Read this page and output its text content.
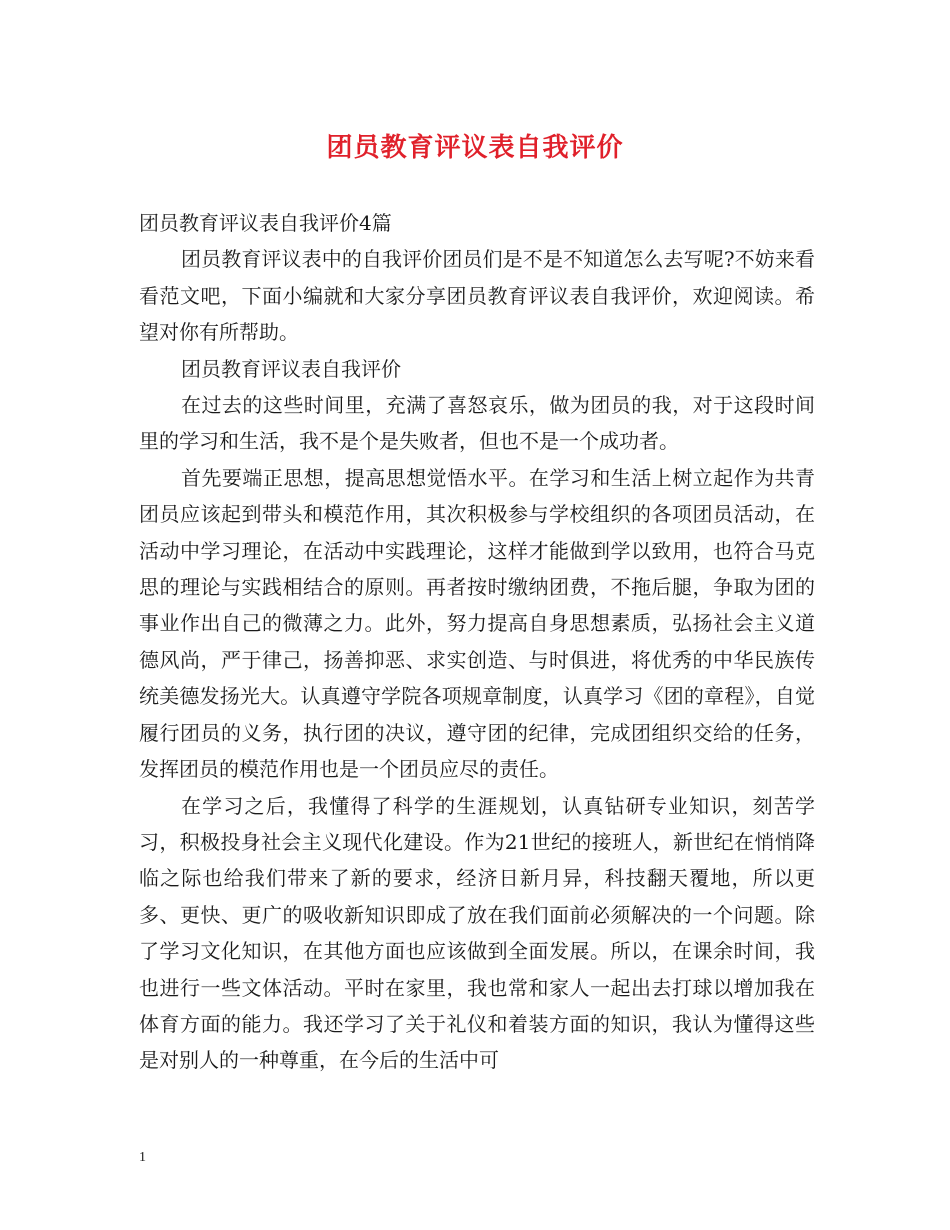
团员教育评议表自我评价

团员教育评议表自我评价4篇

团员教育评议表中的自我评价团员们是不是不知道怎么去写呢?不妨来看看范文吧，下面小编就和大家分享团员教育评议表自我评价，欢迎阅读。希望对你有所帮助。

团员教育评议表自我评价

在过去的这些时间里，充满了喜怒哀乐，做为团员的我，对于这段时间里的学习和生活，我不是个是失败者，但也不是一个成功者。

首先要端正思想，提高思想觉悟水平。在学习和生活上树立起作为共青团员应该起到带头和模范作用，其次积极参与学校组织的各项团员活动，在活动中学习理论，在活动中实践理论，这样才能做到学以致用，也符合马克思的理论与实践相结合的原则。再者按时缴纳团费，不拖后腿，争取为团的事业作出自己的微薄之力。此外，努力提高自身思想素质，弘扬社会主义道德风尚，严于律己，扬善抑恶、求实创造、与时俱进，将优秀的中华民族传统美德发扬光大。认真遵守学院各项规章制度，认真学习《团的章程》，自觉履行团员的义务，执行团的决议，遵守团的纪律，完成团组织交给的任务，发挥团员的模范作用也是一个团员应尽的责任。

在学习之后，我懂得了科学的生涯规划，认真钻研专业知识，刻苦学习，积极投身社会主义现代化建设。作为21世纪的接班人，新世纪在悄悄降临之际也给我们带来了新的要求，经济日新月异，科技翻天覆地，所以更多、更快、更广的吸收新知识即成了放在我们面前必须解决的一个问题。除了学习文化知识，在其他方面也应该做到全面发展。所以，在课余时间，我也进行一些文体活动。平时在家里，我也常和家人一起出去打球以增加我在体育方面的能力。我还学习了关于礼仪和着装方面的知识，我认为懂得这些是对别人的一种尊重，在今后的生活中可

1
